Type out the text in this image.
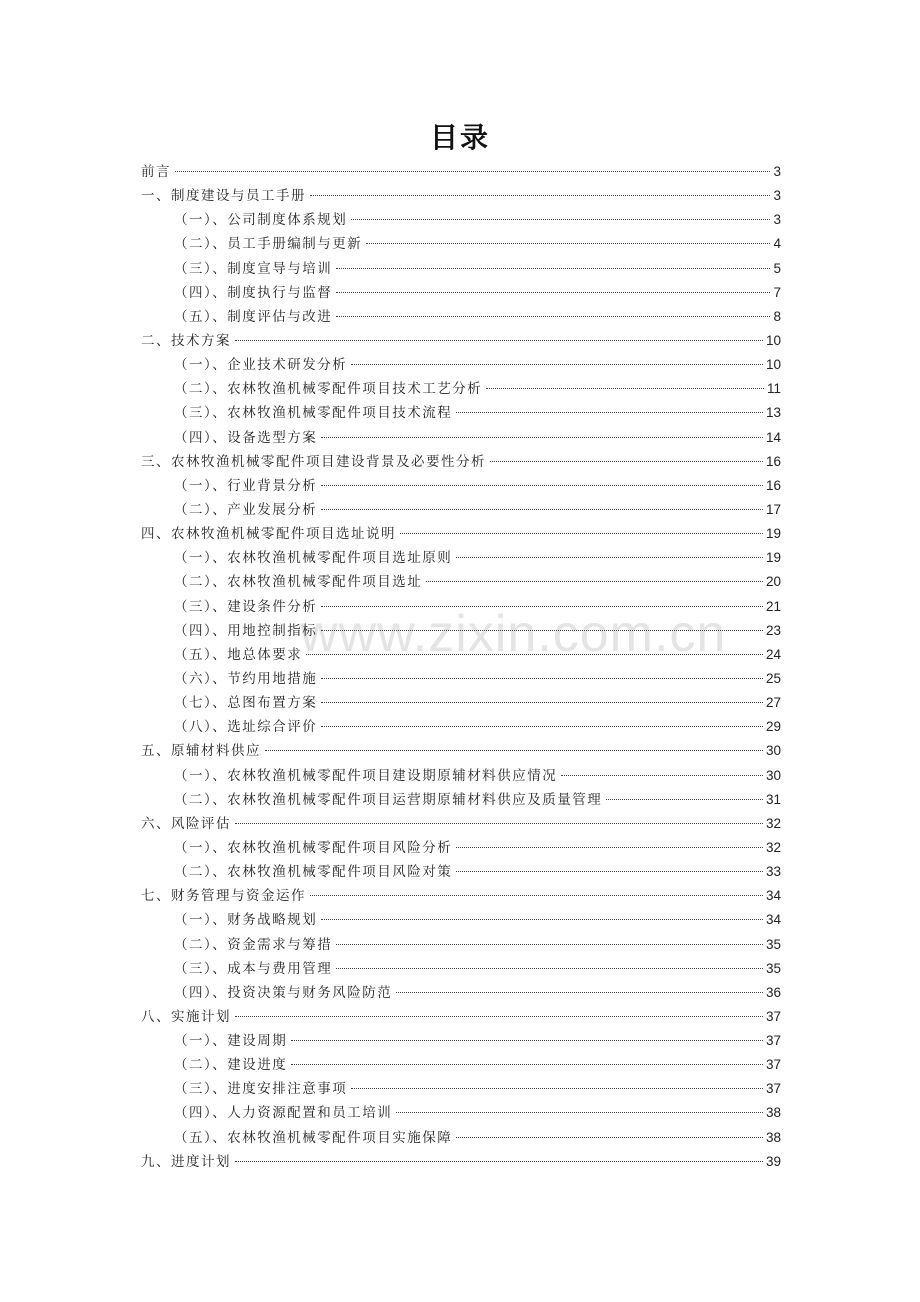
www.zixin.com.cn
目录
前言	3
一、制度建设与员工手册	3
（一）、公司制度体系规划	3
（二）、员工手册编制与更新	4
（三）、制度宣导与培训	5
（四）、制度执行与监督	7
（五）、制度评估与改进	8
二、技术方案	10
（一）、企业技术研发分析	10
（二）、农林牧渔机械零配件项目技术工艺分析	11
（三）、农林牧渔机械零配件项目技术流程	13
（四）、设备选型方案	14
三、农林牧渔机械零配件项目建设背景及必要性分析	16
（一）、行业背景分析	16
（二）、产业发展分析	17
四、农林牧渔机械零配件项目选址说明	19
（一）、农林牧渔机械零配件项目选址原则	19
（二）、农林牧渔机械零配件项目选址	20
（三）、建设条件分析	21
（四）、用地控制指标	23
（五）、地总体要求	24
（六）、节约用地措施	25
（七）、总图布置方案	27
（八）、选址综合评价	29
五、原辅材料供应	30
（一）、农林牧渔机械零配件项目建设期原辅材料供应情况	30
（二）、农林牧渔机械零配件项目运营期原辅材料供应及质量管理	31
六、风险评估	32
（一）、农林牧渔机械零配件项目风险分析	32
（二）、农林牧渔机械零配件项目风险对策	33
七、财务管理与资金运作	34
（一）、财务战略规划	34
（二）、资金需求与筹措	35
（三）、成本与费用管理	35
（四）、投资决策与财务风险防范	36
八、实施计划	37
（一）、建设周期	37
（二）、建设进度	37
（三）、进度安排注意事项	37
（四）、人力资源配置和员工培训	38
（五）、农林牧渔机械零配件项目实施保障	38
九、进度计划	39
